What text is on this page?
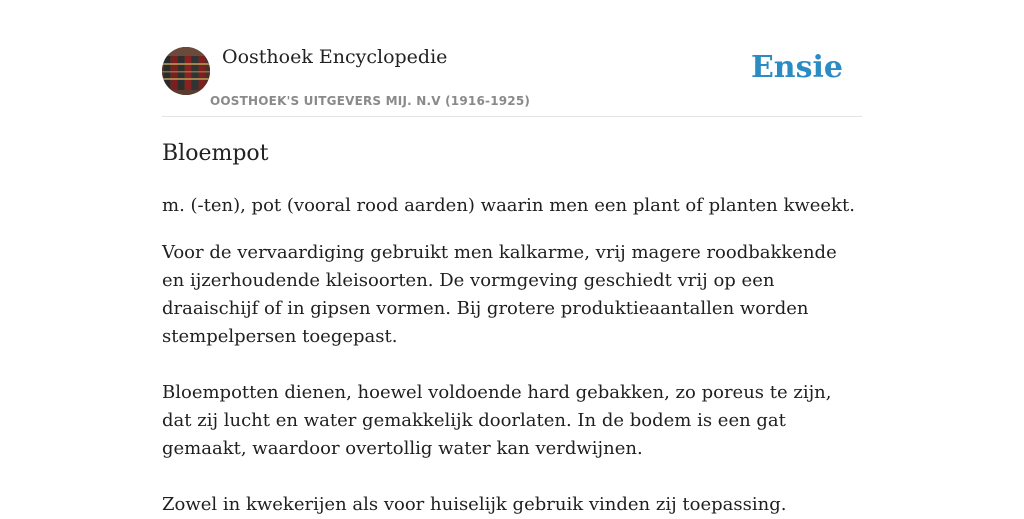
Oosthoek Encyclopedie
OOSTHOEK'S UITGEVERS MIJ. N.V (1916-1925)
Ensie
Bloempot

m. (-ten), pot (vooral rood aarden) waarin men een plant of planten kweekt.

Voor de vervaardiging gebruikt men kalkarme, vrij magere roodbakkende en ijzerhoudende kleisoorten. De vormgeving geschiedt vrij op een draaischijf of in gipsen vormen. Bij grotere produktieaantallen worden stempelpersen toegepast.

Bloempotten dienen, hoewel voldoende hard gebakken, zo poreus te zijn, dat zij lucht en water gemakkelijk doorlaten. In de bodem is een gat gemaakt, waardoor overtollig water kan verdwijnen.

Zowel in kwekerijen als voor huiselijk gebruik vinden zij toepassing.
